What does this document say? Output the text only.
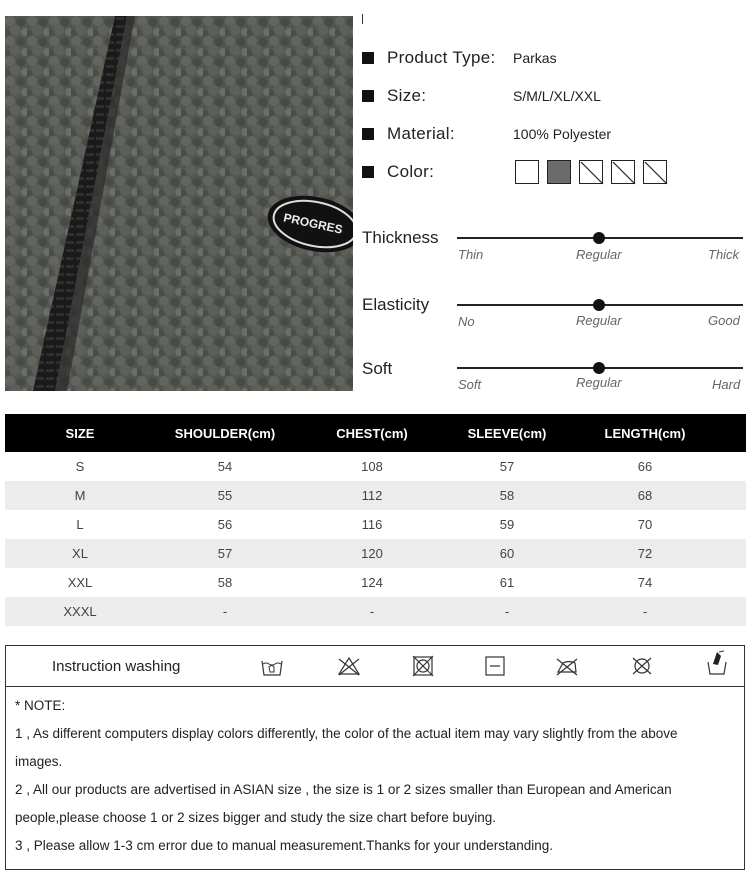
PROGRES
Product Type: Parkas
Size:	S/M/L/XL/XXL
Material:	100% Polyester
Color:
Thickness
Thin	Regular	Thick
Elasticity
No	Regular	Good
Soft
Soft	Regular	Hard
SIZE	SHOULDER(cm)	CHEST(cm)	SLEEVE(cm)	LENGTH(cm)
S	54	108	57	66
M	55	112	58	68
L	56	116	59	70
XL	57	120	60	72
XXL	58	124	61	74
XXXL	-	-	-	-
Instruction washing
* NOTE:
1 , As different computers display colors differently, the color of the actual item may vary slightly from the above
images.
2 , All our products are advertised in ASIAN size , the size is 1 or 2 sizes smaller than European and American
people,please choose 1 or 2 sizes bigger and study the size chart before buying.
3 , Please allow 1-3 cm error due to manual measurement.Thanks for your understanding.
